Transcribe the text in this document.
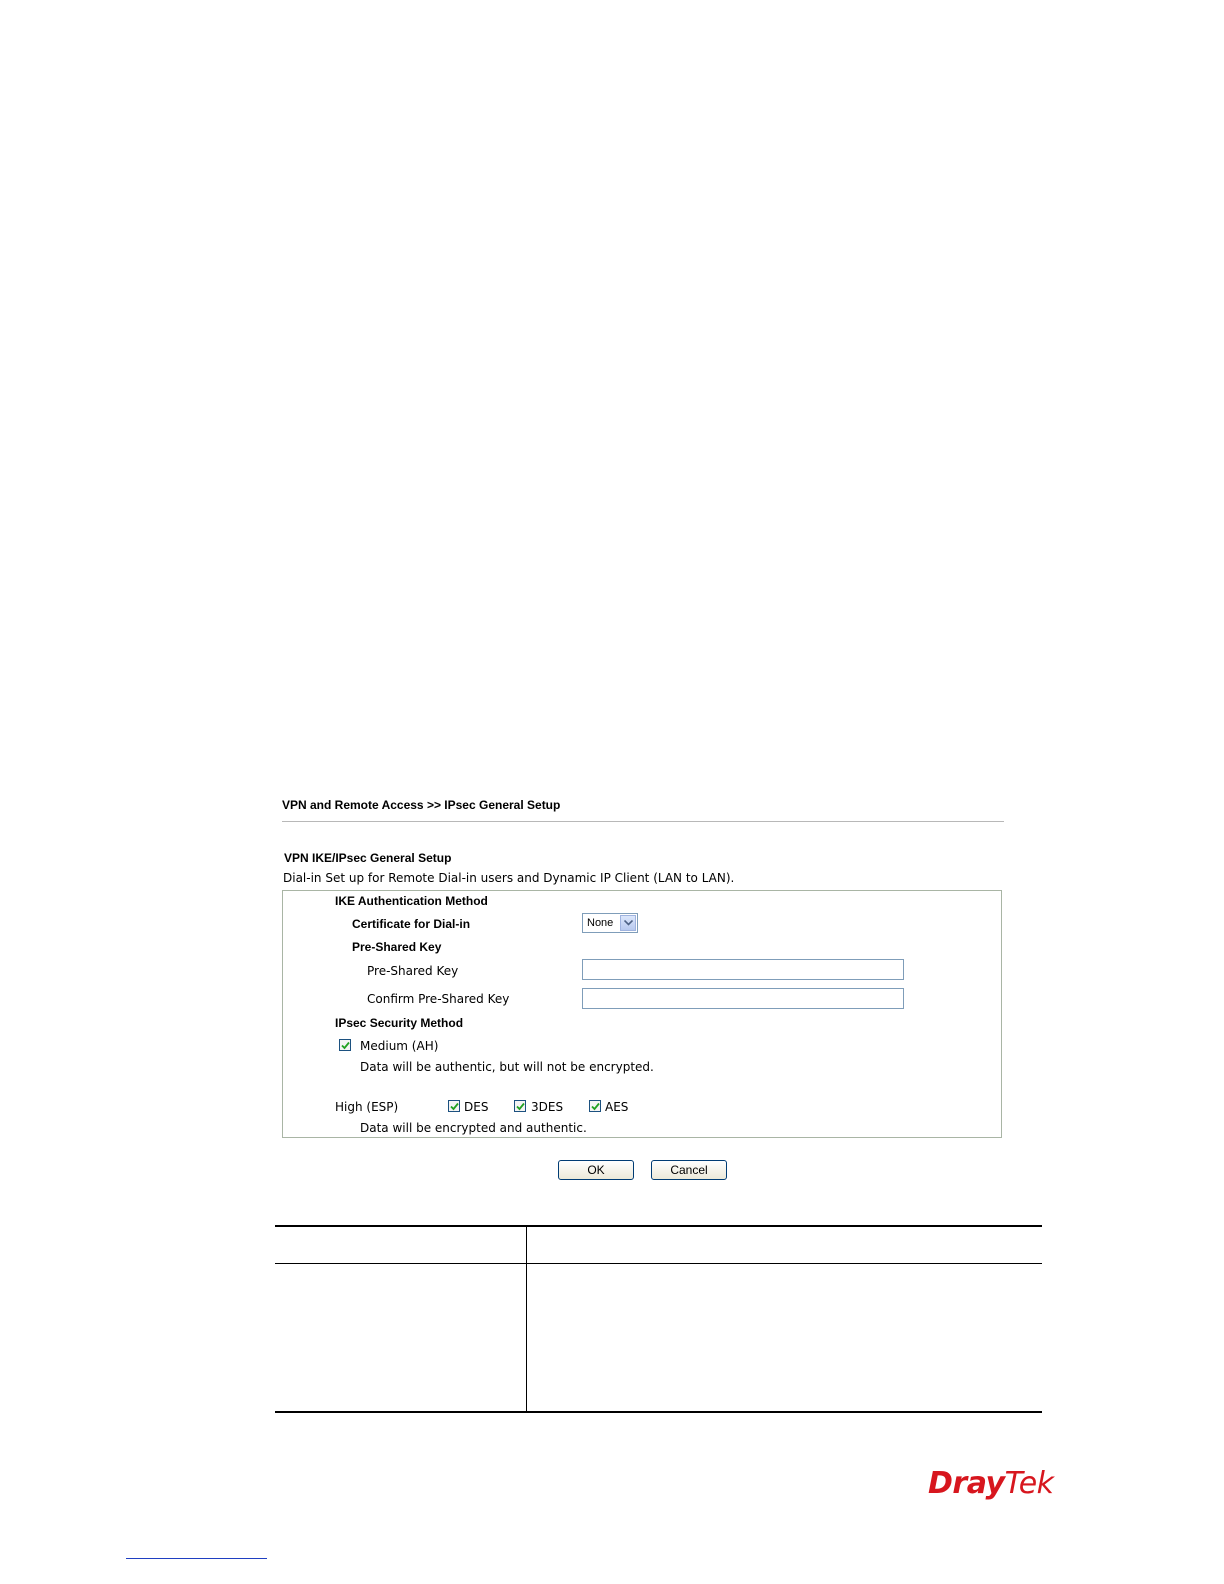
VPN and Remote Access >> IPsec General Setup
VPN IKE/IPsec General Setup
Dial-in Set up for Remote Dial-in users and Dynamic IP Client (LAN to LAN).
IKE Authentication Method
Certificate for Dial-in	None
Pre-Shared Key
Pre-Shared Key
Confirm Pre-Shared Key
IPsec Security Method
Medium (AH)
Data will be authentic, but will not be encrypted.
High (ESP)	DES	3DES	AES
Data will be encrypted and authentic.
OK	Cancel
DrayTek
